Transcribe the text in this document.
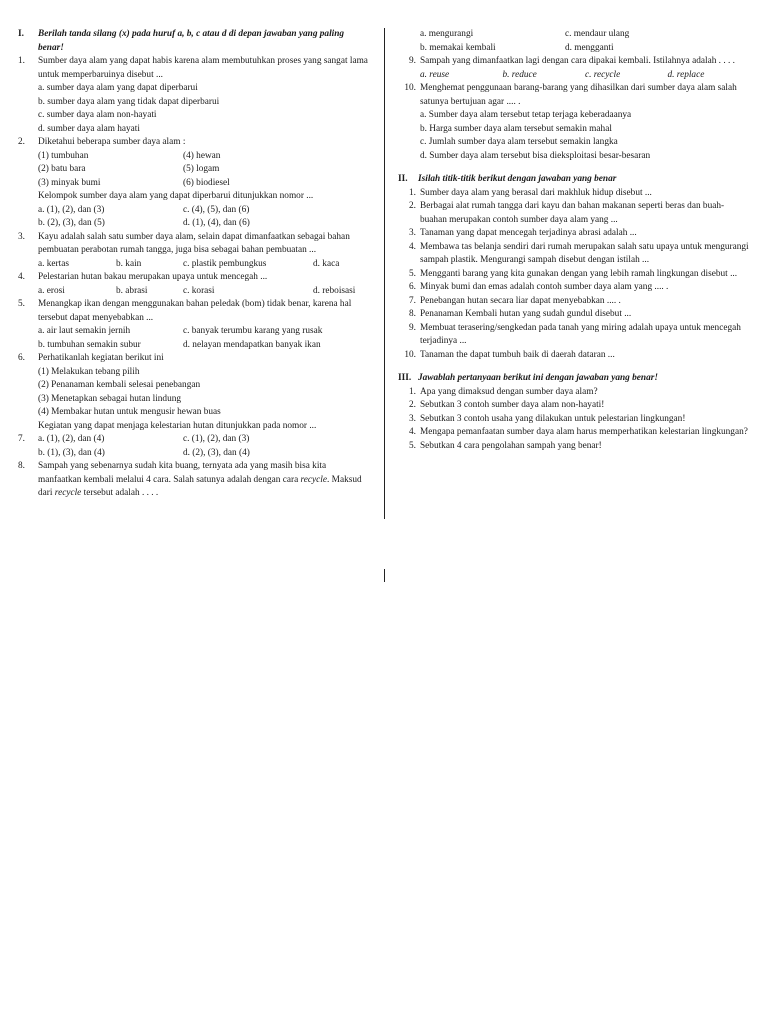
I.	Berilah tanda silang (x) pada huruf a, b, c atau d di depan jawaban yang paling benar!
1.	Sumber daya alam yang dapat habis karena alam membutuhkan proses yang sangat lama untuk memperbaruinya disebut ...
a. sumber daya alam yang dapat diperbarui
b. sumber daya alam yang tidak dapat diperbarui
c. sumber daya alam non-hayati
d. sumber daya alam hayati
2.	Diketahui beberapa sumber daya alam :
(1) tumbuhan	(4) hewan
(2) batu bara	(5) logam
(3) minyak bumi	(6) biodiesel
Kelompok sumber daya alam yang dapat diperbarui ditunjukkan nomor ...
a. (1), (2), dan (3)	c. (4), (5), dan (6)
b. (2), (3), dan (5)	d. (1), (4), dan (6)
3.	Kayu adalah salah satu sumber daya alam, selain dapat dimanfaatkan sebagai bahan pembuatan perabotan rumah tangga, juga bisa sebagai bahan pembuatan ...
a. kertas	b. kain	c. plastik pembungkus	d. kaca
4.	Pelestarian hutan bakau merupakan upaya untuk mencegah ...
a. erosi	b. abrasi	c. korasi	d. reboisasi
5.	Menangkap ikan dengan menggunakan bahan peledak (bom) tidak benar, karena hal tersebut dapat menyebabkan ...
a. air laut semakin jernih	c. banyak terumbu karang yang rusak
b. tumbuhan semakin subur	d. nelayan mendapatkan banyak ikan
6.	Perhatikanlah kegiatan berikut ini
(1) Melakukan tebang pilih
(2) Penanaman kembali selesai penebangan
(3) Menetapkan sebagai hutan lindung
(4) Membakar hutan untuk mengusir hewan buas
Kegiatan yang dapat menjaga kelestarian hutan ditunjukkan pada nomor ...
7.	a. (1), (2), dan (4)	c. (1), (2), dan (3)
b. (1), (3), dan (4)	d. (2), (3), dan (4)
8.	Sampah yang sebenarnya sudah kita buang, ternyata ada yang masih bisa kita manfaatkan kembali melalui 4 cara. Salah satunya adalah dengan cara recycle. Maksud dari recycle tersebut adalah . . . .
a. mengurangi	c. mendaur ulang
b. memakai kembali	d. mengganti
9. Sampah yang dimanfaatkan lagi dengan cara dipakai kembali. Istilahnya adalah . . . .
a. reuse	b. reduce	c. recycle	d. replace
10. Menghemat penggunaan barang-barang yang dihasilkan dari sumber daya alam salah satunya bertujuan agar .... .
a. Sumber daya alam tersebut tetap terjaga keberadaanya
b. Harga sumber daya alam tersebut semakin mahal
c. Jumlah sumber daya alam tersebut semakin langka
d. Sumber daya alam tersebut bisa dieksploitasi besar-besaran
II.	Isilah titik-titik berikut dengan jawaban yang benar
1. Sumber daya alam yang berasal dari makhluk hidup disebut ...
2. Berbagai alat rumah tangga dari kayu dan bahan makanan seperti beras dan buah-buahan merupakan contoh sumber daya alam yang ...
3. Tanaman yang dapat mencegah terjadinya abrasi adalah ...
4. Membawa tas belanja sendiri dari rumah merupakan salah satu upaya untuk mengurangi sampah plastik. Mengurangi sampah disebut dengan istilah ...
5. Mengganti barang yang kita gunakan dengan yang lebih ramah lingkungan disebut ...
6. Minyak bumi dan emas adalah contoh sumber daya alam yang .... .
7. Penebangan hutan secara liar dapat menyebabkan .... .
8. Penanaman Kembali hutan yang sudah gundul disebut ...
9. Membuat terasering/sengkedan pada tanah yang miring adalah upaya untuk mencegah terjadinya ...
10. Tanaman the dapat tumbuh baik di daerah dataran ...
III. Jawablah pertanyaan berikut ini dengan jawaban yang benar!
1. Apa yang dimaksud dengan sumber daya alam?
2. Sebutkan 3 contoh sumber daya alam non-hayati!
3. Sebutkan 3 contoh usaha yang dilakukan untuk pelestarian lingkungan!
4. Mengapa pemanfaatan sumber daya alam harus memperhatikan kelestarian lingkungan?
5. Sebutkan 4 cara pengolahan sampah yang benar!
